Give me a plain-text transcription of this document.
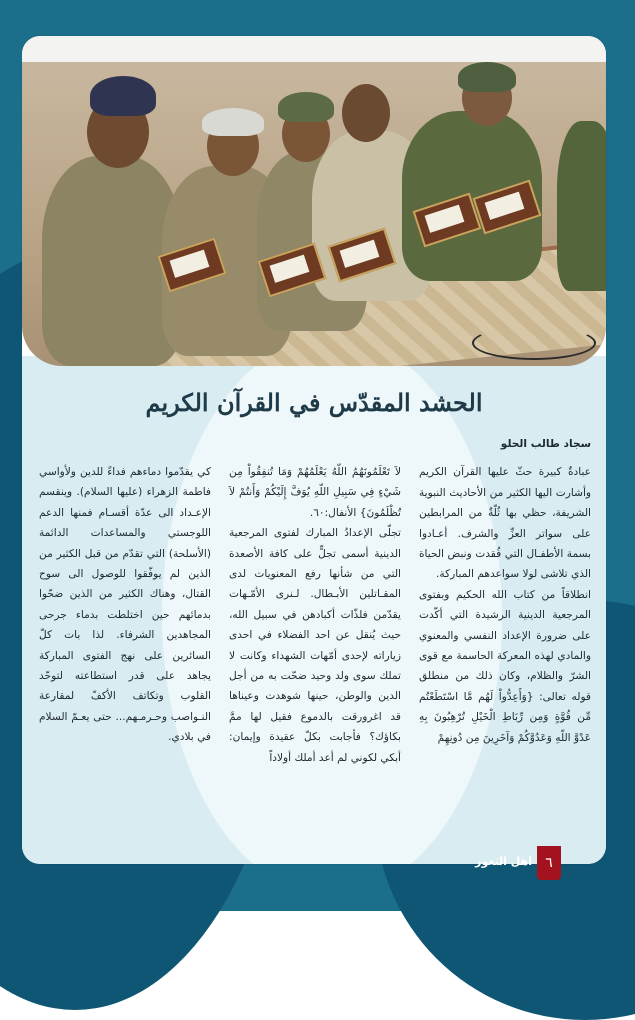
الحشد المقدّس في القرآن الكريم

سجاد طالب الحلو

عبادةٌ كبيرة حثّ عليها القرآن الكريم وأشارت اليها الكثير من الأحاديث النبوية الشريفة، حظي بها ثُلّةٌ من المرابطين على سواتر العزِّ والشرف. أعـادوا بسمة الأطفـال التي فُقدت ونبض الحياة الذي تلاشى لولا سواعدهم المباركة.

انطلاقاً من كتاب الله الحكيم وبفتوى المرجعية الدينية الرشيدة التي أكّدت على ضرورة الإعداد النفسي والمعنوي والمادي لهذه المعركة الحاسمة مع قوى الشرّ والظلام، وكان ذلك من منطلق قوله تعالى: {وَأَعِدُّواْ لَهُم مَّا اسْتَطَعْتُم مِّن قُوَّةٍ وَمِن رِّبَاطِ الْخَيْلِ تُرْهِبُونَ بِهِ عَدْوَّ اللّهِ وَعَدُوَّكُمْ وَآخَرِينَ مِن دُونِهِمْ

لاَ تَعْلَمُونَهُمُ اللّهُ يَعْلَمُهُمْ وَمَا تُنفِقُواْ مِن شَيْءٍ فِي سَبِيلِ اللّهِ يُوَفَّ إِلَيْكُمْ وَأَنتُمْ لاَ تُظْلَمُونَ} الأنفال:٦٠.

تجلّى الإعدادُ المبارك لفتوى المرجعية الدينية أسمى تجلٍّ على كافة الأصعدة التي من شأنها رفع المعنويات لدى المقـاتلين الأبـطال. لـنرى الأمّـهات يقدّمن فلذّات أكبادهن في سبيل الله، حيث يُنقل عن احد الفضلاء في احدى زياراته لإحدى أمّهات الشهداء وكانت لا تملك سوى ولد وحيد ضحّت به من أجل الدين والوطن، حينها شوهدت وعيناها قد اغرورقت بالدموع فقيل لها ممَّ بكاؤك؟ فأجابت بكلّ عقيدة وإيمان: أبكي لكوني لم أعد أملك أولاداً

كي يقدّموا دماءهم فداءً للدين ولأواسي فاطمة الزهراء (عليها السلام). وينقسم الإعـداد الى عدّة أقسـام فمنها الدعم اللوجستي والمساعدات الدائمة (الأسلحة) التي تقدّم من قبل الكثير من الذين لم يوفّقوا للوصول الى سوح القتال، وهناك الكثير من الذين ضحّوا بدمائهم حين اختلطت بدماء جرحى المجاهدين الشرفاء. لذا بات كلّ السائرين على نهج الفتوى المباركة يجاهد على قدر استطاعته لتوحّد القلوب وتكاتف الأكفّ لمقارعة النـواصب وحـرمـهم... حتى يعـمّ السلام في بلادي.

٦
اهل الثغور
